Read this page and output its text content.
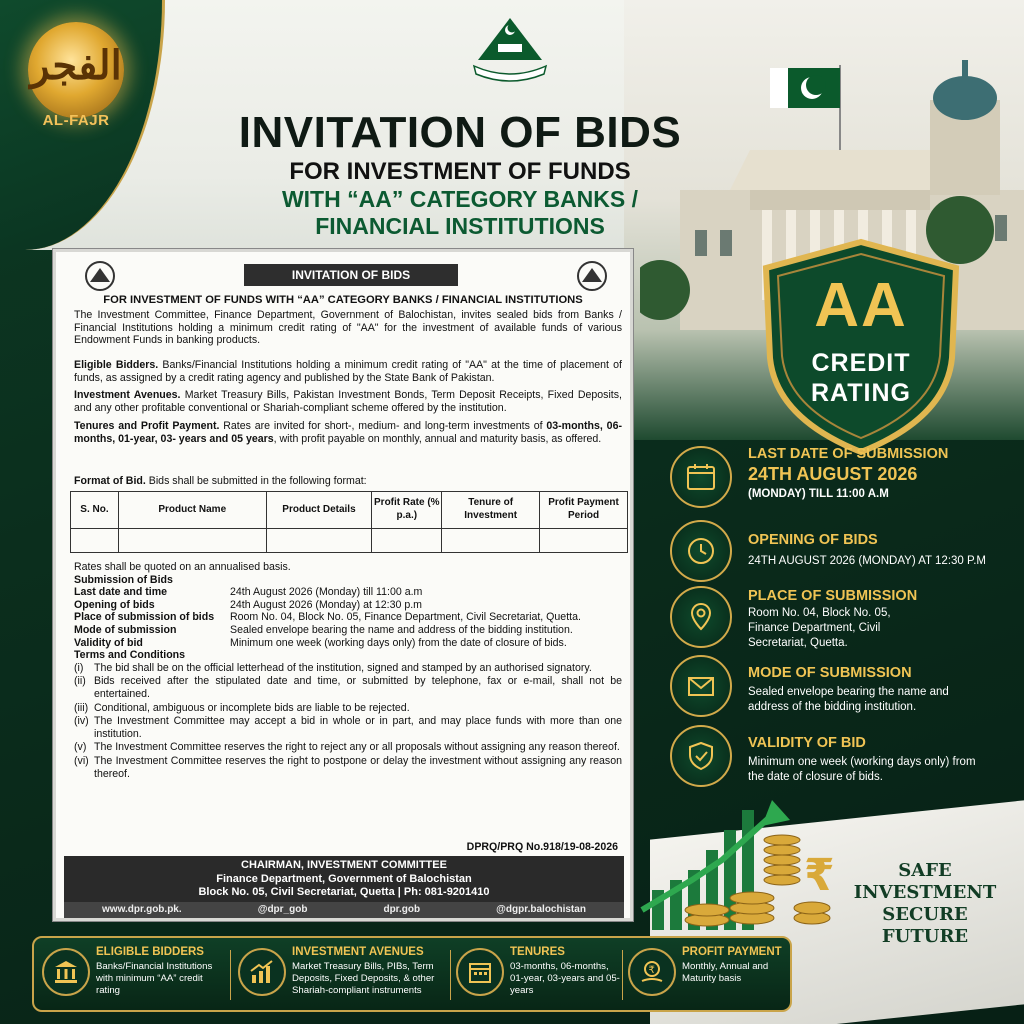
الفجر
AL-FAJR	INVITATION OF BIDS
FOR INVESTMENT OF FUNDS
WITH “AA” CATEGORY BANKS /
FINANCIAL INSTITUTIONS
INVITATION OF BIDS
FOR INVESTMENT OF FUNDS WITH “AA” CATEGORY BANKS / FINANCIAL INSTITUTIONS
The Investment Committee, Finance Department, Government of Balochistan, invites sealed bids from Banks / Financial Institutions holding a minimum credit rating of "AA" for the investment of available funds of various Endowment Funds in banking products.
Eligible Bidders. Banks/Financial Institutions holding a minimum credit rating of "AA" at the time of placement of funds, as assigned by a credit rating agency and published by the State Bank of Pakistan.
Investment Avenues. Market Treasury Bills, Pakistan Investment Bonds, Term Deposit Receipts, Fixed Deposits, and any other profitable conventional or Shariah-compliant scheme offered by the institution.
Tenures and Profit Payment. Rates are invited for short-, medium- and long-term investments of 03-months, 06- months, 01-year, 03- years and 05 years, with profit payable on monthly, annual and maturity basis, as offered.
Format of Bid. Bids shall be submitted in the following format:
S. No.	Product Name	Product Details	Profit Rate (% p.a.)	Tenure of Investment	Profit Payment Period

Rates shall be quoted on an annualised basis.
Submission of Bids
Last date and time	24th August 2026 (Monday) till 11:00 a.m
Opening of bids	24th August 2026 (Monday) at 12:30 p.m
Place of submission of bids	Room No. 04, Block No. 05, Finance Department, Civil Secretariat, Quetta.
Mode of submission	Sealed envelope bearing the name and address of the bidding institution.
Validity of bid	Minimum one week (working days only) from the date of closure of bids.
Terms and Conditions
(i) The bid shall be on the official letterhead of the institution, signed and stamped by an authorised signatory.
(ii) Bids received after the stipulated date and time, or submitted by telephone, fax or e-mail, shall not be entertained.
(iii) Conditional, ambiguous or incomplete bids are liable to be rejected.
(iv) The Investment Committee may accept a bid in whole or in part, and may place funds with more than one institution.
(v) The Investment Committee reserves the right to reject any or all proposals without assigning any reason thereof.
(vi) The Investment Committee reserves the right to postpone or delay the investment without assigning any reason thereof.
DPRQ/PRQ No.918/19-08-2026
CHAIRMAN, INVESTMENT COMMITTEE
Finance Department, Government of Balochistan
Block No. 05, Civil Secretariat, Quetta | Ph: 081-9201410
www.dpr.gob.pk.	@dpr_gob	dpr.gob	@dgpr.balochistan
AA
CREDIT
RATING
LAST DATE OF SUBMISSION
24TH AUGUST 2026
(MONDAY) TILL 11:00 A.M
OPENING OF BIDS
24TH AUGUST 2026 (MONDAY) AT 12:30 P.M
PLACE OF SUBMISSION
Room No. 04, Block No. 05, Finance Department, Civil Secretariat, Quetta.
MODE OF SUBMISSION
Sealed envelope bearing the name and address of the bidding institution.
VALIDITY OF BID
Minimum one week (working days only) from the date of closure of bids.
₹	SAFE INVESTMENT
SECURE FUTURE
ELIGIBLE BIDDERS
Banks/Financial Institutions with minimum “AA” credit rating
INVESTMENT AVENUES
Market Treasury Bills, PIBs, Term Deposits, Fixed Deposits, & other Shariah-compliant instruments
TENURES
03-months, 06-months, 01-year, 03-years and 05-years
₹
PROFIT PAYMENT
Monthly, Annual and Maturity basis
